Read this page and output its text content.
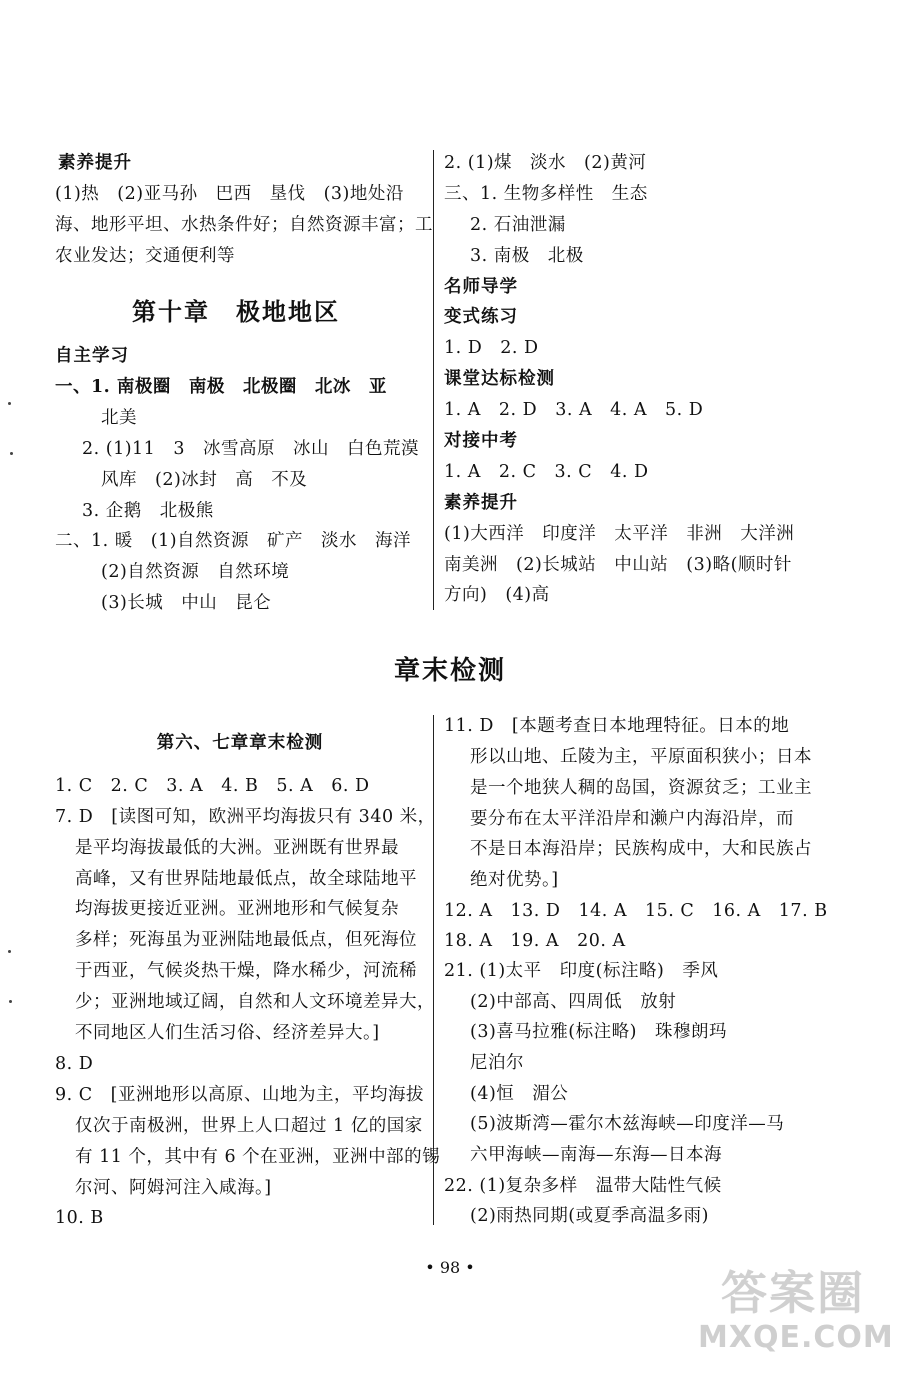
素养提升
(1)热　(2)亚马孙　巴西　垦伐　(3)地处沿
海、地形平坦、水热条件好；自然资源丰富；工
农业发达；交通便利等
第十章　极地地区
自主学习
一、1. 南极圈　南极　北极圈　北冰　亚
北美
2. (1)11　3　冰雪高原　冰山　白色荒漠
风库　(2)冰封　高　不及
3. 企鹅　北极熊
二、1. 暖　(1)自然资源　矿产　淡水　海洋
(2)自然资源　自然环境
(3)长城　中山　昆仑
2. (1)煤　淡水　(2)黄河
三、1. 生物多样性　生态
2. 石油泄漏
3. 南极　北极
名师导学
变式练习
1. D　2. D
课堂达标检测
1. A　2. D　3. A　4. A　5. D
对接中考
1. A　2. C　3. C　4. D
素养提升
(1)大西洋　印度洋　太平洋　非洲　大洋洲
南美洲　(2)长城站　中山站　(3)略(顺时针
方向)　(4)高
章末检测
第六、七章章末检测
1. C　2. C　3. A　4. B　5. A　6. D
7. D　[读图可知，欧洲平均海拔只有 340 米，
是平均海拔最低的大洲。亚洲既有世界最
高峰，又有世界陆地最低点，故全球陆地平
均海拔更接近亚洲。亚洲地形和气候复杂
多样；死海虽为亚洲陆地最低点，但死海位
于西亚，气候炎热干燥，降水稀少，河流稀
少；亚洲地域辽阔，自然和人文环境差异大，
不同地区人们生活习俗、经济差异大。]
8. D
9. C　[亚洲地形以高原、山地为主，平均海拔
仅次于南极洲，世界上人口超过 1 亿的国家
有 11 个，其中有 6 个在亚洲，亚洲中部的锡
尔河、阿姆河注入咸海。]
10. B
11. D　[本题考查日本地理特征。日本的地
形以山地、丘陵为主，平原面积狭小；日本
是一个地狭人稠的岛国，资源贫乏；工业主
要分布在太平洋沿岸和濑户内海沿岸，而
不是日本海沿岸；民族构成中，大和民族占
绝对优势。]
12. A　13. D　14. A　15. C　16. A　17. B
18. A　19. A　20. A
21. (1)太平　印度(标注略)　季风
(2)中部高、四周低　放射
(3)喜马拉雅(标注略)　珠穆朗玛
尼泊尔
(4)恒　湄公
(5)波斯湾—霍尔木兹海峡—印度洋—马
六甲海峡—南海—东海—日本海
22. (1)复杂多样　温带大陆性气候
(2)雨热同期(或夏季高温多雨)
• 98 •	答案圈
MXQE.COM
